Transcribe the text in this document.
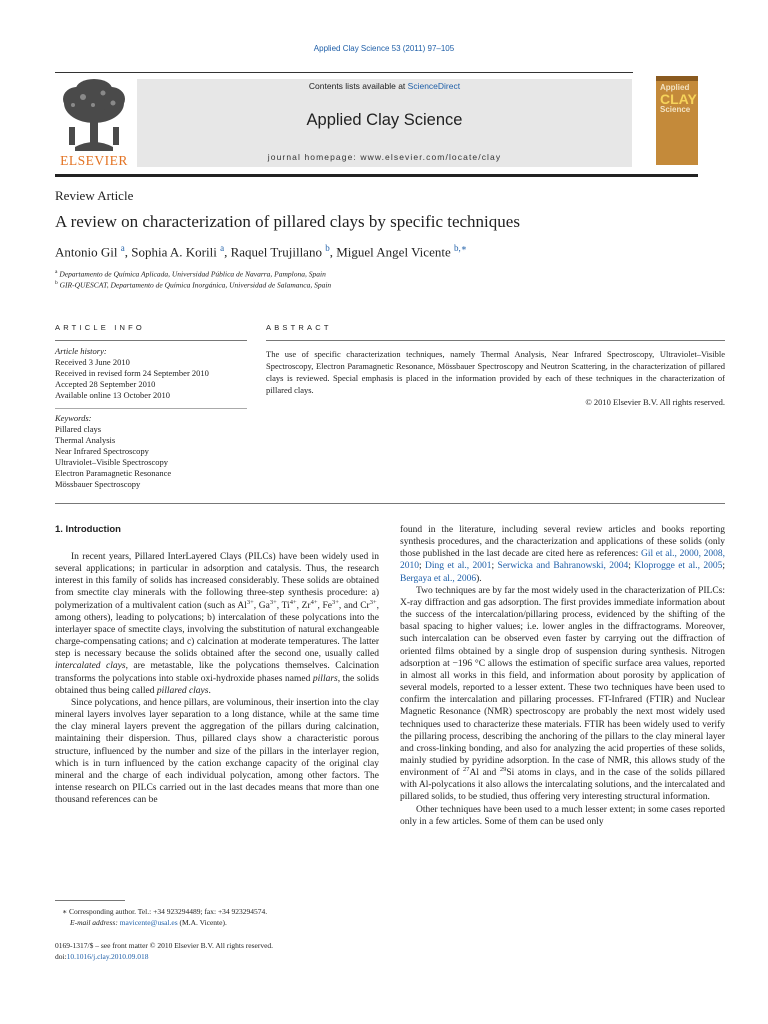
Applied Clay Science 53 (2011) 97–105
ELSEVIER
Contents lists available at ScienceDirect
Applied Clay Science
journal homepage: www.elsevier.com/locate/clay
Applied
CLAY
Science
Review Article
A review on characterization of pillared clays by specific techniques
Antonio Gil $^a$, Sophia A. Korili $^a$, Raquel Trujillano $^b$, Miguel Angel Vicente $^{b,∗}$
$^a$ Departamento de Química Aplicada, Universidad Pública de Navarra, Pamplona, Spain
$^b$ GIR-QUESCAT, Departamento de Química Inorgánica, Universidad de Salamanca, Spain
ARTICLE INFO
Article history:
Received 3 June 2010
Received in revised form 24 September 2010
Accepted 28 September 2010
Available online 13 October 2010
Keywords:
Pillared clays
Thermal Analysis
Near Infrared Spectroscopy
Ultraviolet–Visible Spectroscopy
Electron Paramagnetic Resonance
Mössbauer Spectroscopy
ABSTRACT
The use of specific characterization techniques, namely Thermal Analysis, Near Infrared Spectroscopy, Ultraviolet–Visible Spectroscopy, Electron Paramagnetic Resonance, Mössbauer Spectroscopy and Neutron Scattering, in the characterization of pillared clays is reviewed. Special emphasis is placed in the information provided by each of these techniques in the characterization of pillared clays.
© 2010 Elsevier B.V. All rights reserved.
1. Introduction

In recent years, Pillared InterLayered Clays (PILCs) have been widely used in several applications; in particular in adsorption and catalysis. Thus, the research interest in this family of solids has increased considerably. These solids are obtained from smectite clay minerals with the following three-step synthesis procedure: a) polymerization of a multivalent cation (such as $Al^{3+}$, $Ga^{3+}$, $Ti^{4+}$, $Zr^{4+}$, $Fe^{3+}$, and $Cr^{3+}$, among others), leading to polycations; b) intercalation of these polycations into the interlayer space of smectite clays, involving the substitution of natural exchangeable charge-compensating cations; and c) calcination at moderate temperatures. The latter step is necessary because the solids obtained after the second one, usually called intercalated clays, are metastable, like the polycations themselves. Calcination transforms the polycations into stable oxi-hydroxide phases named pillars, the solids obtained thus being called pillared clays.

Since polycations, and hence pillars, are voluminous, their insertion into the clay mineral layers involves layer separation to a long distance, while at the same time the clay mineral layers prevent the aggregation of the pillars during calcination, maintaining their dispersion. Thus, pillared clays show a characteristic porous structure, influenced by the number and size of the pillars in the interlayer region, which is in turn influenced by the cation exchange capacity of the original clay mineral and the charge of each individual polycation, among other factors. The intense research on PILCs carried out in the last decades means that more than one thousand references can be

found in the literature, including several review articles and books reporting synthesis procedures, and the characterization and applications of these solids (only those published in the last decade are cited here as references: Gil et al., 2000, 2008, 2010; Ding et al., 2001; Serwicka and Bahranowski, 2004; Kloprogge et al., 2005; Bergaya et al., 2006).

Two techniques are by far the most widely used in the characterization of PILCs: X-ray diffraction and gas adsorption. The first provides immediate information about the success of the intercalation/pillaring process, evidenced by the shifting of the basal spacing to higher values; i.e. lower angles in the diffractograms. Moreover, such intercalation can be observed even faster by carrying out the diffraction of oriented films obtained by a single drop of suspension during synthesis. Nitrogen adsorption at −196 °C allows the estimation of specific surface area values, reported in almost all works in this field, and information about porosity by application of several models, reported to a lesser extent. These two techniques have been used to confirm the intercalation and pillaring processes. FT-Infrared (FTIR) and Nuclear Magnetic Resonance (NMR) spectroscopy are probably the next most widely used techniques used to characterize these materials. FTIR has been widely used to verify the pillaring process, describing the anchoring of the pillars to the clay mineral layer and cross-linking bonding, and also for analyzing the acid properties of these solids, mainly studied by pyridine adsorption. In the case of NMR, this allows study of the environment of $^{27}$Al and $^{29}$Si atoms in clays, and in the case of the solids pillared with Al-polycations it also allows the intercalating solutions, and the intercalated and pillared solids, to be studied, thus offering very interesting structural information.

Other techniques have been used to a much lesser extent; in some cases reported only in a few articles. Some of them can be used only

∗ Corresponding author. Tel.: +34 923294489; fax: +34 923294574.
E-mail address: mavicente@usal.es (M.A. Vicente).
0169-1317/$ – see front matter © 2010 Elsevier B.V. All rights reserved.
doi:10.1016/j.clay.2010.09.018
